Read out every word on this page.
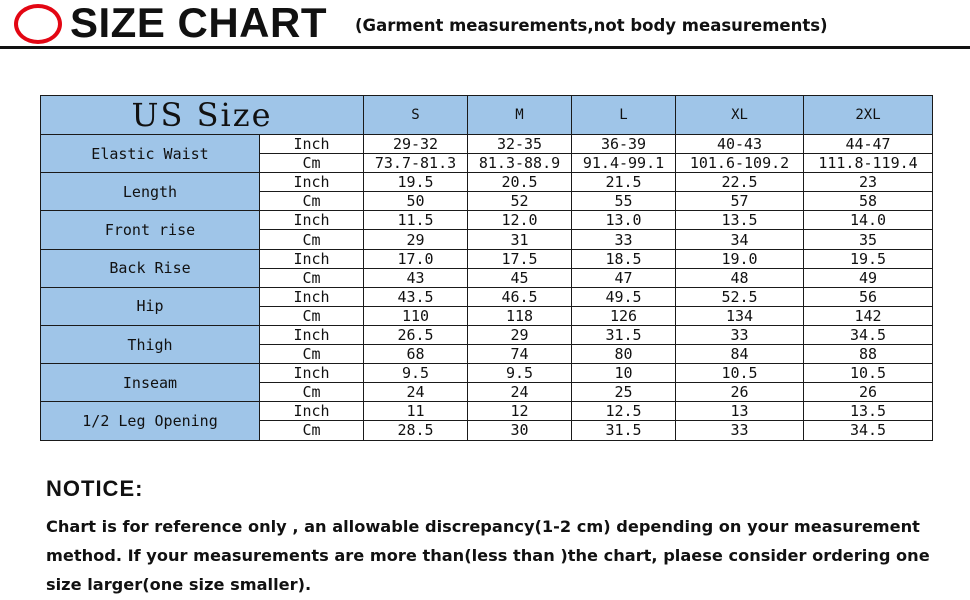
SIZE CHART (Garment measurements,not body measurements)
US Size		S	M	L	XL	2XL
Elastic Waist	Inch	29-32	32-35	36-39	40-43	44-47
	Cm	73.7-81.3	81.3-88.9	91.4-99.1	101.6-109.2	111.8-119.4
Length	Inch	19.5	20.5	21.5	22.5	23
	Cm	50	52	55	57	58
Front rise	Inch	11.5	12.0	13.0	13.5	14.0
	Cm	29	31	33	34	35
Back Rise	Inch	17.0	17.5	18.5	19.0	19.5
	Cm	43	45	47	48	49
Hip	Inch	43.5	46.5	49.5	52.5	56
	Cm	110	118	126	134	142
Thigh	Inch	26.5	29	31.5	33	34.5
	Cm	68	74	80	84	88
Inseam	Inch	9.5	9.5	10	10.5	10.5
	Cm	24	24	25	26	26
1/2 Leg Opening	Inch	11	12	12.5	13	13.5
	Cm	28.5	30	31.5	33	34.5
NOTICE:
Chart is for reference only , an allowable discrepancy(1-2 cm) depending on your measurement method. If your measurements are more than(less than )the chart, plaese consider ordering one size larger(one size smaller).
